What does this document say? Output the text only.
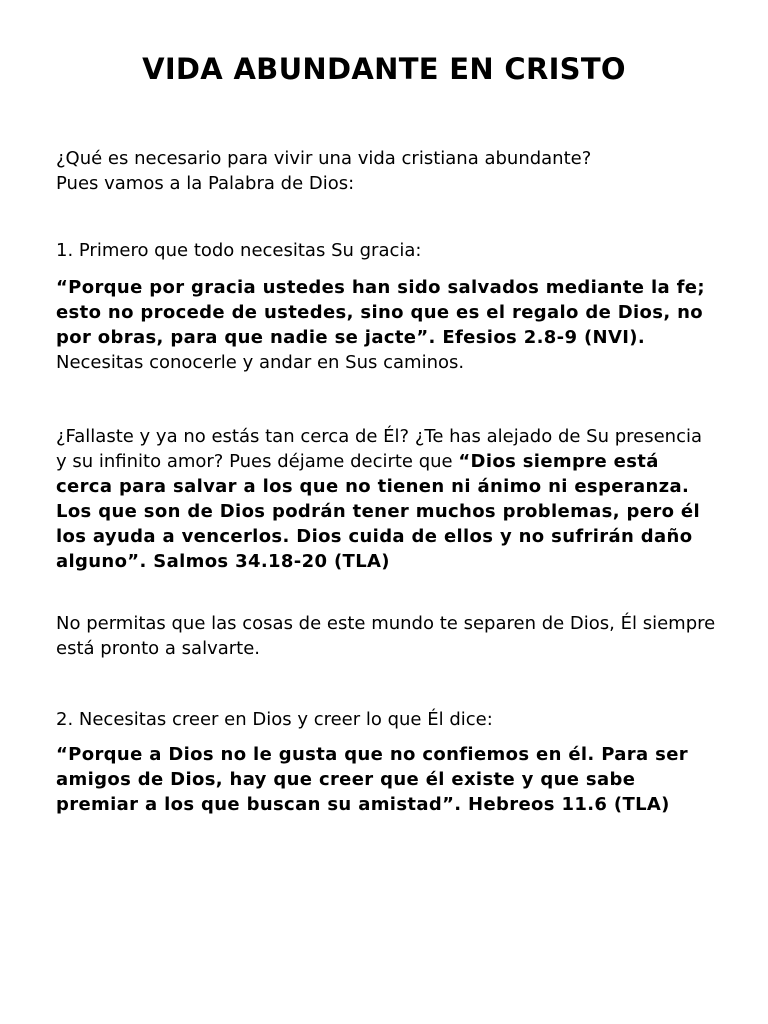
VIDA ABUNDANTE EN CRISTO

¿Qué es necesario para vivir una vida cristiana abundante?
Pues vamos a la Palabra de Dios:

1. Primero que todo necesitas Su gracia:

“Porque por gracia ustedes han sido salvados mediante la fe; esto no procede de ustedes, sino que es el regalo de Dios, no por obras, para que nadie se jacte”. Efesios 2.8-9 (NVI). Necesitas conocerle y andar en Sus caminos.

¿Fallaste y ya no estás tan cerca de Él? ¿Te has alejado de Su presencia y su infinito amor? Pues déjame decirte que “Dios siempre está cerca para salvar a los que no tienen ni ánimo ni esperanza. Los que son de Dios podrán tener muchos problemas, pero él los ayuda a vencerlos. Dios cuida de ellos y no sufrirán daño alguno”. Salmos 34.18-20 (TLA)

No permitas que las cosas de este mundo te separen de Dios, Él siempre está pronto a salvarte.

2. Necesitas creer en Dios y creer lo que Él dice:

“Porque a Dios no le gusta que no confiemos en él. Para ser amigos de Dios, hay que creer que él existe y que sabe premiar a los que buscan su amistad”. Hebreos 11.6 (TLA)
